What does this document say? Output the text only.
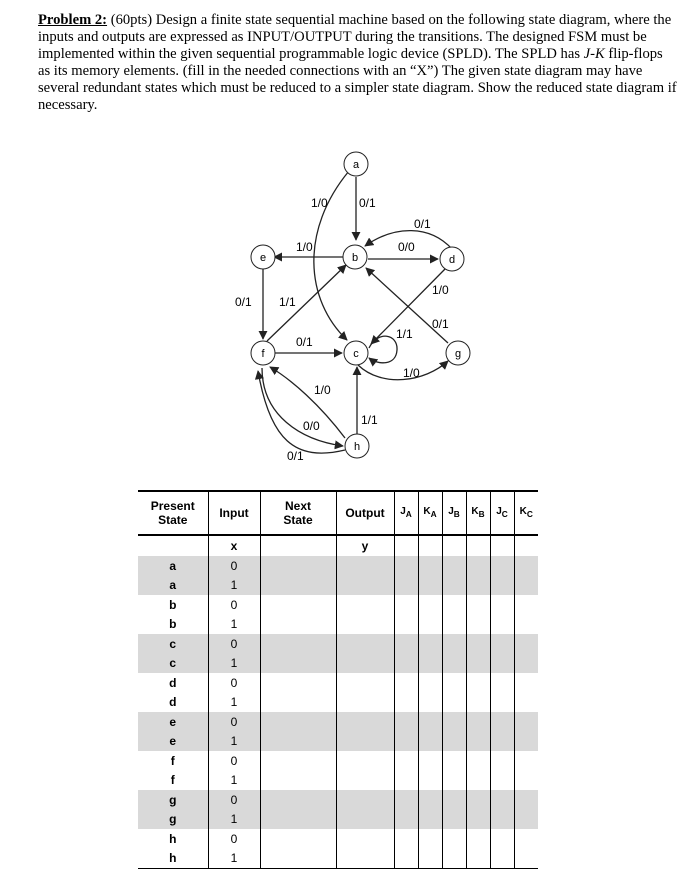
Problem 2: (60pts) Design a finite state sequential machine based on the following state diagram, where the inputs and outputs are expressed as INPUT/OUTPUT during the transitions. The designed FSM must be implemented within the given sequential programmable logic device (SPLD). The SPLD has J-K flip-flops as its memory elements. (fill in the needed connections with an “X”) The given state diagram may have several redundant states which must be reduced to a simpler state diagram. Show the reduced state diagram if necessary.
1/0	0/1
0/1
0/0
1/0
1/0
0/1
0/1 1/1
0/1
1/1
1/0
1/0
0/0
0/1
1/1
a
b
c
d
e
f	g
h
Present
State	Input	Next
State	Output	$J_A$	$K_A$	$J_B$	$K_B$	$J_C$	$K_C$
	x		y						
a	0								
a	1								
b	0								
b	1								
c	0								
c	1								
d	0								
d	1								
e	0								
e	1								
f	0								
f	1								
g	0								
g	1								
h	0								
h	1								
